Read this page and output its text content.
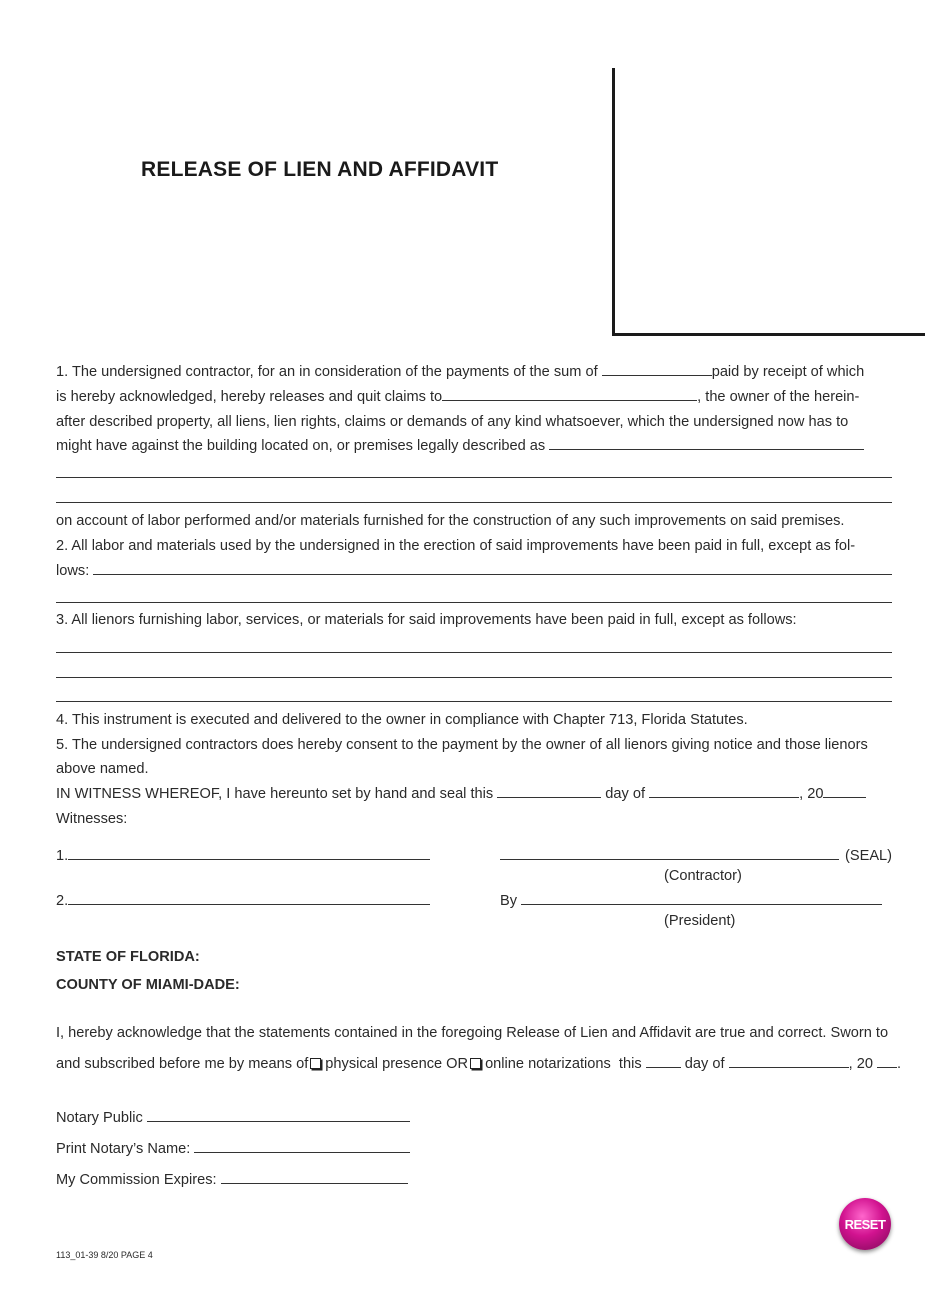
RELEASE OF LIEN AND AFFIDAVIT
1. The undersigned contractor, for an in consideration of the payments of the sum of	paid by receipt of which
is hereby acknowledged, hereby releases and quit claims to	, the owner of the herein-
after described property, all liens, lien rights, claims or demands of any kind whatsoever, which the undersigned now has to
might have against the building located on, or premises legally described as
on account of labor performed and/or materials furnished for the construction of any such improvements on said premises.
2. All labor and materials used by the undersigned in the erection of said improvements have been paid in full, except as fol-
lows:
3. All lienors furnishing labor, services, or materials for said improvements have been paid in full, except as follows:
4. This instrument is executed and delivered to the owner in compliance with Chapter 713, Florida Statutes.
5. The undersigned contractors does hereby consent to the payment by the owner of all lienors giving notice and those lienors
above named.
IN WITNESS WHEREOF, I have hereunto set by hand and seal this	day of	, 20
Witnesses:
1.	(SEAL)
(Contractor)
2.	By
(President)
STATE OF FLORIDA:
COUNTY OF MIAMI-DADE:
I, hereby acknowledge that the statements contained in the foregoing Release of Lien and Affidavit are true and correct. Sworn to
and subscribed before me by means of physical presence OR online notarizations this	day of	, 20 .
Notary Public
Print Notary’s Name:
My Commission Expires:
113_01-39 8/20 PAGE 4
RESET
